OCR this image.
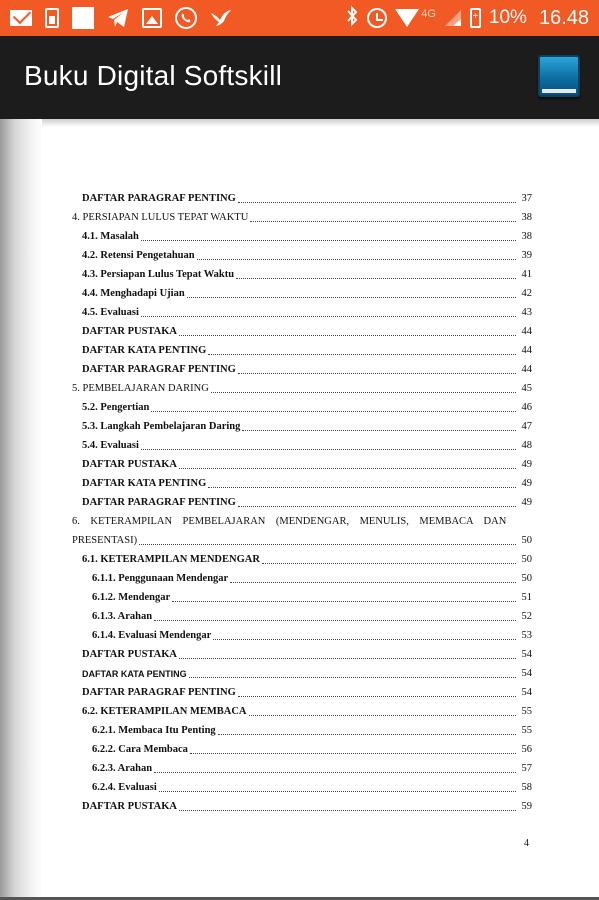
4G +	10% 16.48
Buku Digital Softskill
DAFTAR PARAGRAF PENTING	37
4. PERSIAPAN LULUS TEPAT WAKTU	38
4.1. Masalah	38
4.2. Retensi Pengetahuan	39
4.3. Persiapan Lulus Tepat Waktu	41
4.4. Menghadapi Ujian	42
4.5. Evaluasi	43
DAFTAR PUSTAKA	44
DAFTAR KATA PENTING	44
DAFTAR PARAGRAF PENTING	44
5. PEMBELAJARAN DARING	45
5.2. Pengertian	46
5.3. Langkah Pembelajaran Daring	47
5.4. Evaluasi	48
DAFTAR PUSTAKA	49
DAFTAR KATA PENTING	49
DAFTAR PARAGRAF PENTING	49
6.    KETERAMPILAN    PEMBELAJARAN    (MENDENGAR,    MENULIS,    MEMBACA    DAN
PRESENTASI)	50
6.1. KETERAMPILAN MENDENGAR	50
6.1.1. Penggunaan Mendengar	50
6.1.2. Mendengar	51
6.1.3. Arahan	52
6.1.4. Evaluasi Mendengar	53
DAFTAR PUSTAKA	54
DAFTAR KATA PENTING	54
DAFTAR PARAGRAF PENTING	54
6.2. KETERAMPILAN MEMBACA	55
6.2.1. Membaca Itu Penting	55
6.2.2. Cara Membaca	56
6.2.3. Arahan	57
6.2.4. Evaluasi	58
DAFTAR PUSTAKA	59
4
